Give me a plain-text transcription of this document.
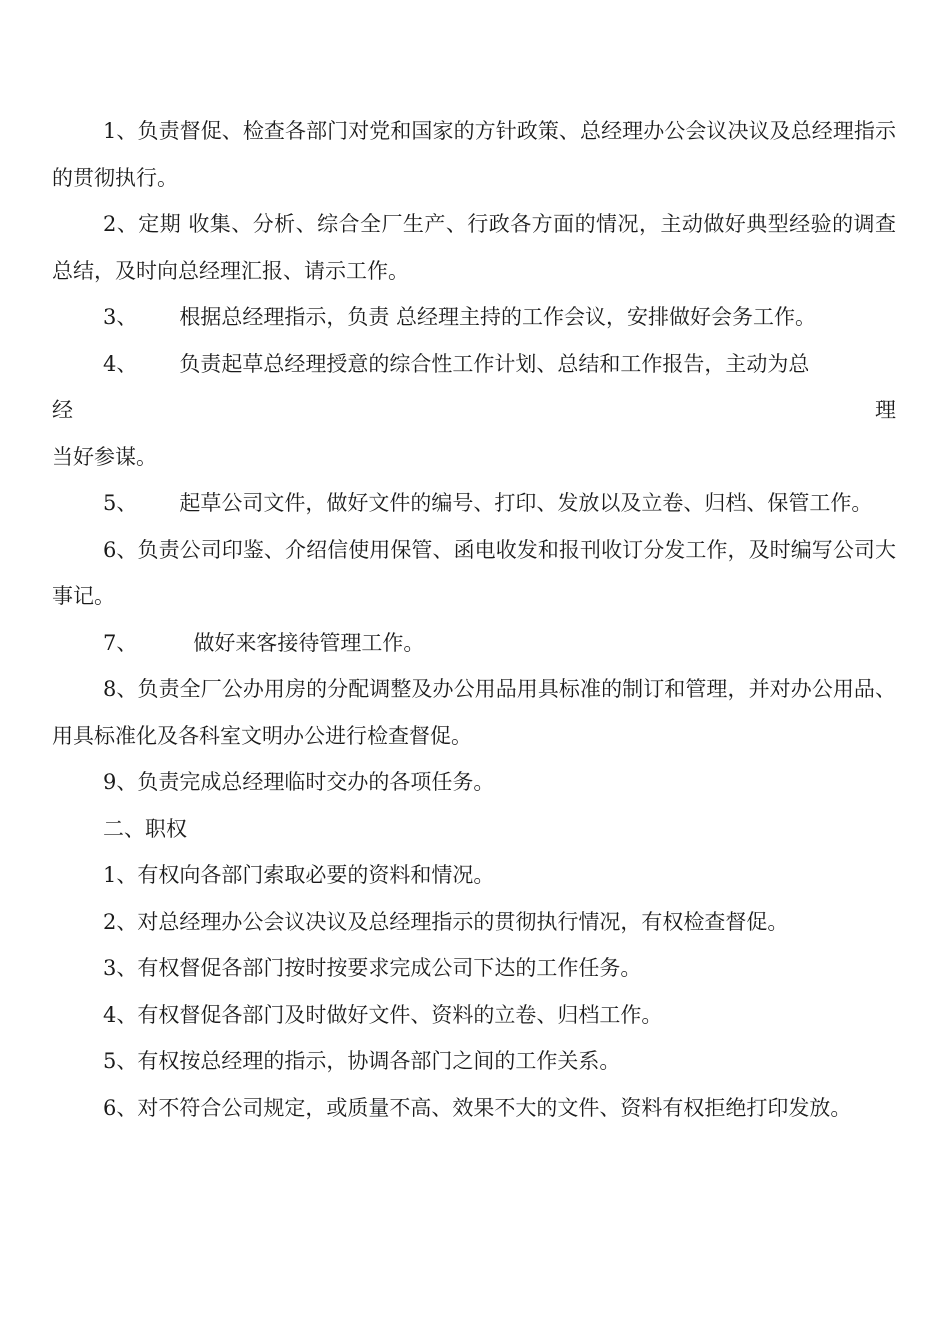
1、负责督促、检查各部门对党和国家的方针政策、总经理办公会议决议及总经理指示的贯彻执行。

2、定期 收集、分析、综合全厂生产、行政各方面的情况，主动做好典型经验的调查总结，及时向总经理汇报、请示工作。

3、 根据总经理指示，负责 总经理主持的工作会议，安排做好会务工作。

4、 负责起草总经理授意的综合性工作计划、总结和工作报告，主动为总

经	理

当好参谋。

5、 起草公司文件，做好文件的编号、打印、发放以及立卷、归档、保管工作。

6、负责公司印鉴、介绍信使用保管、函电收发和报刊收订分发工作，及时编写公司大事记。

7、	做好来客接待管理工作。

8、负责全厂公办用房的分配调整及办公用品用具标准的制订和管理，并对办公用品、用具标准化及各科室文明办公进行检查督促。

9、负责完成总经理临时交办的各项任务。

二、职权

1、有权向各部门索取必要的资料和情况。

2、对总经理办公会议决议及总经理指示的贯彻执行情况，有权检查督促。

3、有权督促各部门按时按要求完成公司下达的工作任务。

4、有权督促各部门及时做好文件、资料的立卷、归档工作。

5、有权按总经理的指示，协调各部门之间的工作关系。

6、对不符合公司规定，或质量不高、效果不大的文件、资料有权拒绝打印发放。
